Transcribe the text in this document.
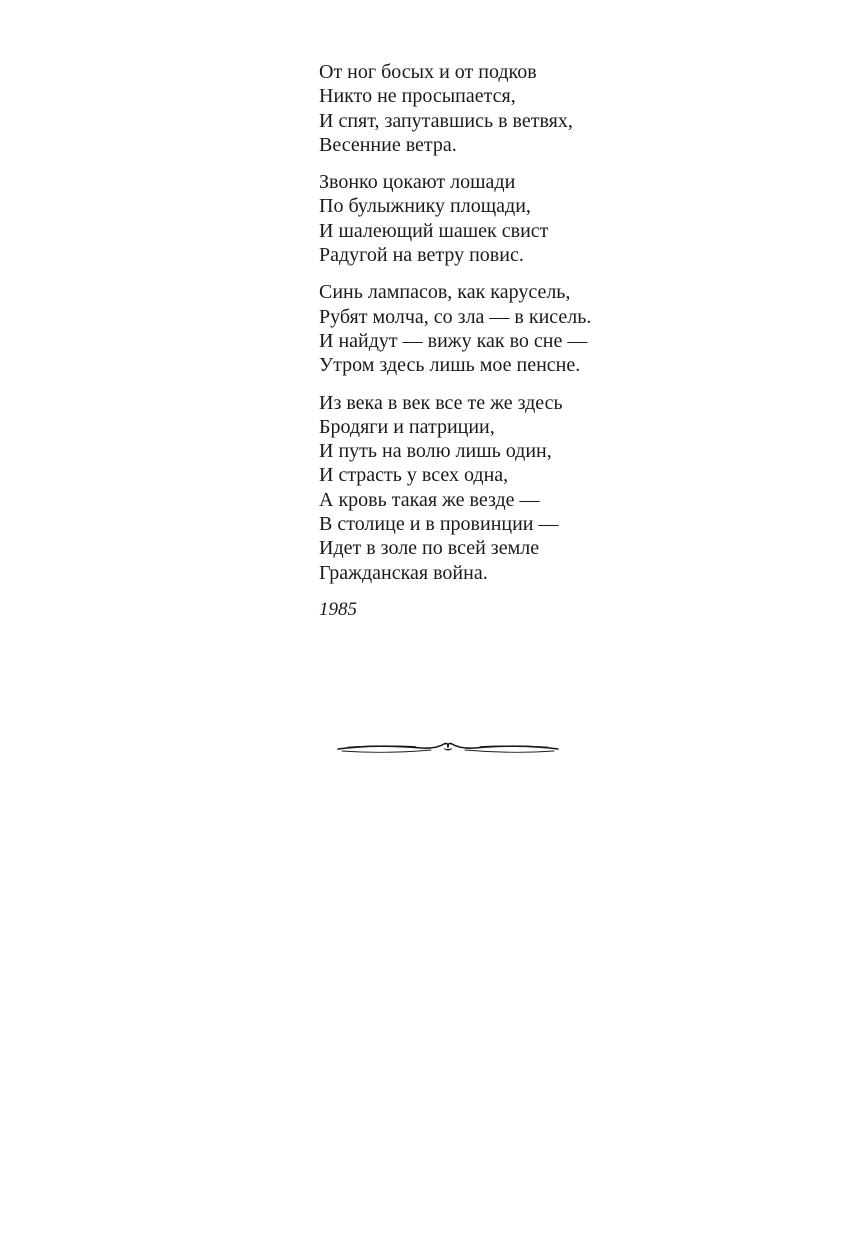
От ног босых и от подков
Никто не просыпается,
И спят, запутавшись в ветвях,
Весенние ветра.
Звонко цокают лошади
По булыжнику площади,
И шалеющий шашек свист
Радугой на ветру повис.
Синь лампасов, как карусель,
Рубят молча, со зла — в кисель.
И найдут — вижу как во сне —
Утром здесь лишь мое пенсне.
Из века в век все те же здесь
Бродяги и патриции,
И путь на волю лишь один,
И страсть у всех одна,
А кровь такая же везде —
В столице и в провинции —
Идет в золе по всей земле
Гражданская война.
1985
